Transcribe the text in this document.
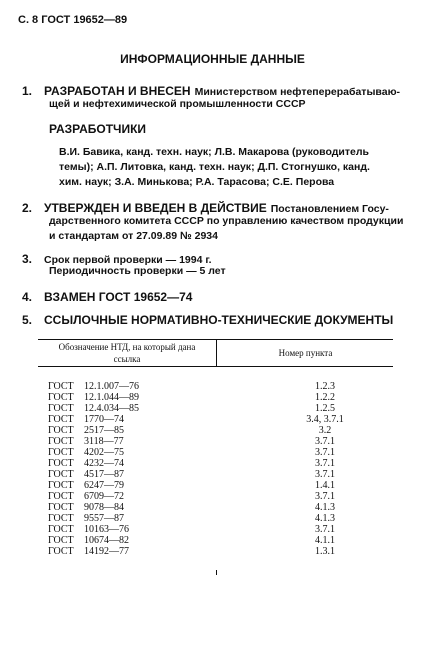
С. 8 ГОСТ 19652—89
ИНФОРМАЦИОННЫЕ ДАННЫЕ
1. РАЗРАБОТАН И ВНЕСЕН Министерством нефтеперерабатываю-
щей и нефтехимической промышленности СССР
РАЗРАБОТЧИКИ
В.И. Бавика, канд. техн. наук; Л.В. Макарова (руководитель
темы); А.П. Литовка, канд. техн. наук; Д.П. Стогнушко, канд.
хим. наук; З.А. Минькова; Р.А. Тарасова; С.Е. Перова
2. УТВЕРЖДЕН И ВВЕДЕН В ДЕЙСТВИЕ Постановлением Госу-
дарственного комитета СССР по управлению качеством продукции
и стандартам от 27.09.89 № 2934
3. Срок первой проверки — 1994 г.
Периодичность проверки — 5 лет
4. ВЗАМЕН ГОСТ 19652—74
5. ССЫЛОЧНЫЕ НОРМАТИВНО-ТЕХНИЧЕСКИЕ ДОКУМЕНТЫ
Обозначение НТД, на который дана
ссылка
Номер пункта
ГОСТ 12.1.007—76	1.2.3
ГОСТ 12.1.044—89	1.2.2
ГОСТ 12.4.034—85	1.2.5
ГОСТ 1770—74	3.4, 3.7.1
ГОСТ 2517—85	3.2
ГОСТ 3118—77	3.7.1
ГОСТ 4202—75	3.7.1
ГОСТ 4232—74	3.7.1
ГОСТ 4517—87	3.7.1
ГОСТ 6247—79	1.4.1
ГОСТ 6709—72	3.7.1
ГОСТ 9078—84	4.1.3
ГОСТ 9557—87	4.1.3
ГОСТ 10163—76	3.7.1
ГОСТ 10674—82	4.1.1
ГОСТ 14192—77	1.3.1
